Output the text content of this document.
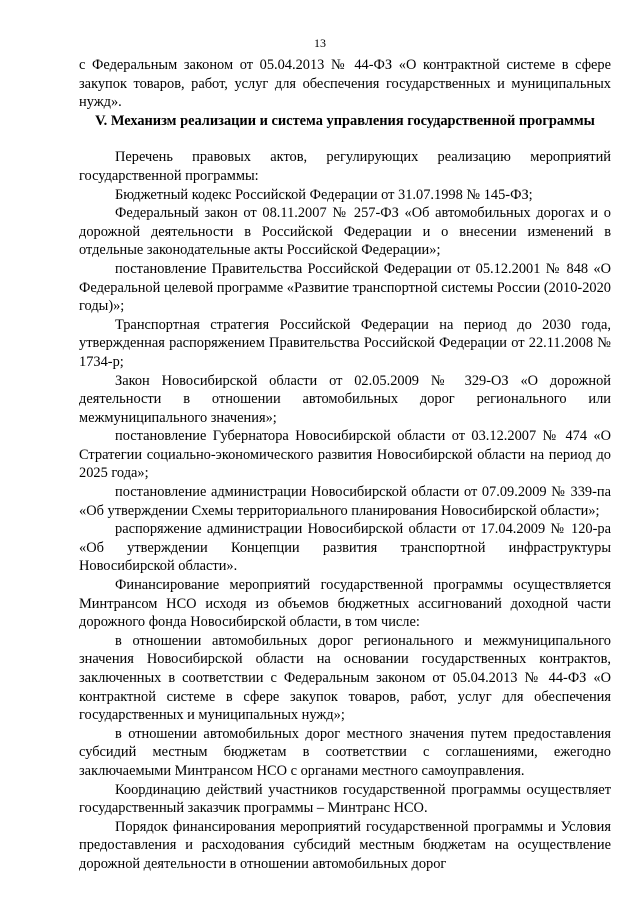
13

с Федеральным законом от 05.04.2013 № 44-ФЗ «О контрактной системе в сфере закупок товаров, работ, услуг для обеспечения государственных и муниципальных нужд».

V. Механизм реализации и система управления государственной программы

Перечень правовых актов, регулирующих реализацию мероприятий государственной программы:

Бюджетный кодекс Российской Федерации от 31.07.1998 № 145-ФЗ;

Федеральный закон от 08.11.2007 № 257-ФЗ «Об автомобильных дорогах и о дорожной деятельности в Российской Федерации и о внесении изменений в отдельные законодательные акты Российской Федерации»;

постановление Правительства Российской Федерации от 05.12.2001 № 848 «О Федеральной целевой программе «Развитие транспортной системы России (2010-2020 годы)»;

Транспортная стратегия Российской Федерации на период до 2030 года, утвержденная распоряжением Правительства Российской Федерации от 22.11.2008 № 1734-р;

Закон Новосибирской области от 02.05.2009 № 329-ОЗ «О дорожной деятельности в отношении автомобильных дорог регионального или межмуниципального значения»;

постановление Губернатора Новосибирской области от 03.12.2007 № 474 «О Стратегии социально-экономического развития Новосибирской области на период до 2025 года»;

постановление администрации Новосибирской области от 07.09.2009 № 339-па «Об утверждении Схемы территориального планирования Новосибирской области»;

распоряжение администрации Новосибирской области от 17.04.2009 № 120-ра «Об утверждении Концепции развития транспортной инфраструктуры Новосибирской области».

Финансирование мероприятий государственной программы осуществляется Минтрансом НСО исходя из объемов бюджетных ассигнований доходной части дорожного фонда Новосибирской области, в том числе:

в отношении автомобильных дорог регионального и межмуниципального значения Новосибирской области на основании государственных контрактов, заключенных в соответствии с Федеральным законом от 05.04.2013 № 44-ФЗ «О контрактной системе в сфере закупок товаров, работ, услуг для обеспечения государственных и муниципальных нужд»;

в отношении автомобильных дорог местного значения путем предоставления субсидий местным бюджетам в соответствии с соглашениями, ежегодно заключаемыми Минтрансом НСО с органами местного самоуправления.

Координацию действий участников государственной программы осуществляет государственный заказчик программы – Минтранс НСО.

Порядок финансирования мероприятий государственной программы и Условия предоставления и расходования субсидий местным бюджетам на осуществление дорожной деятельности в отношении автомобильных дорог
